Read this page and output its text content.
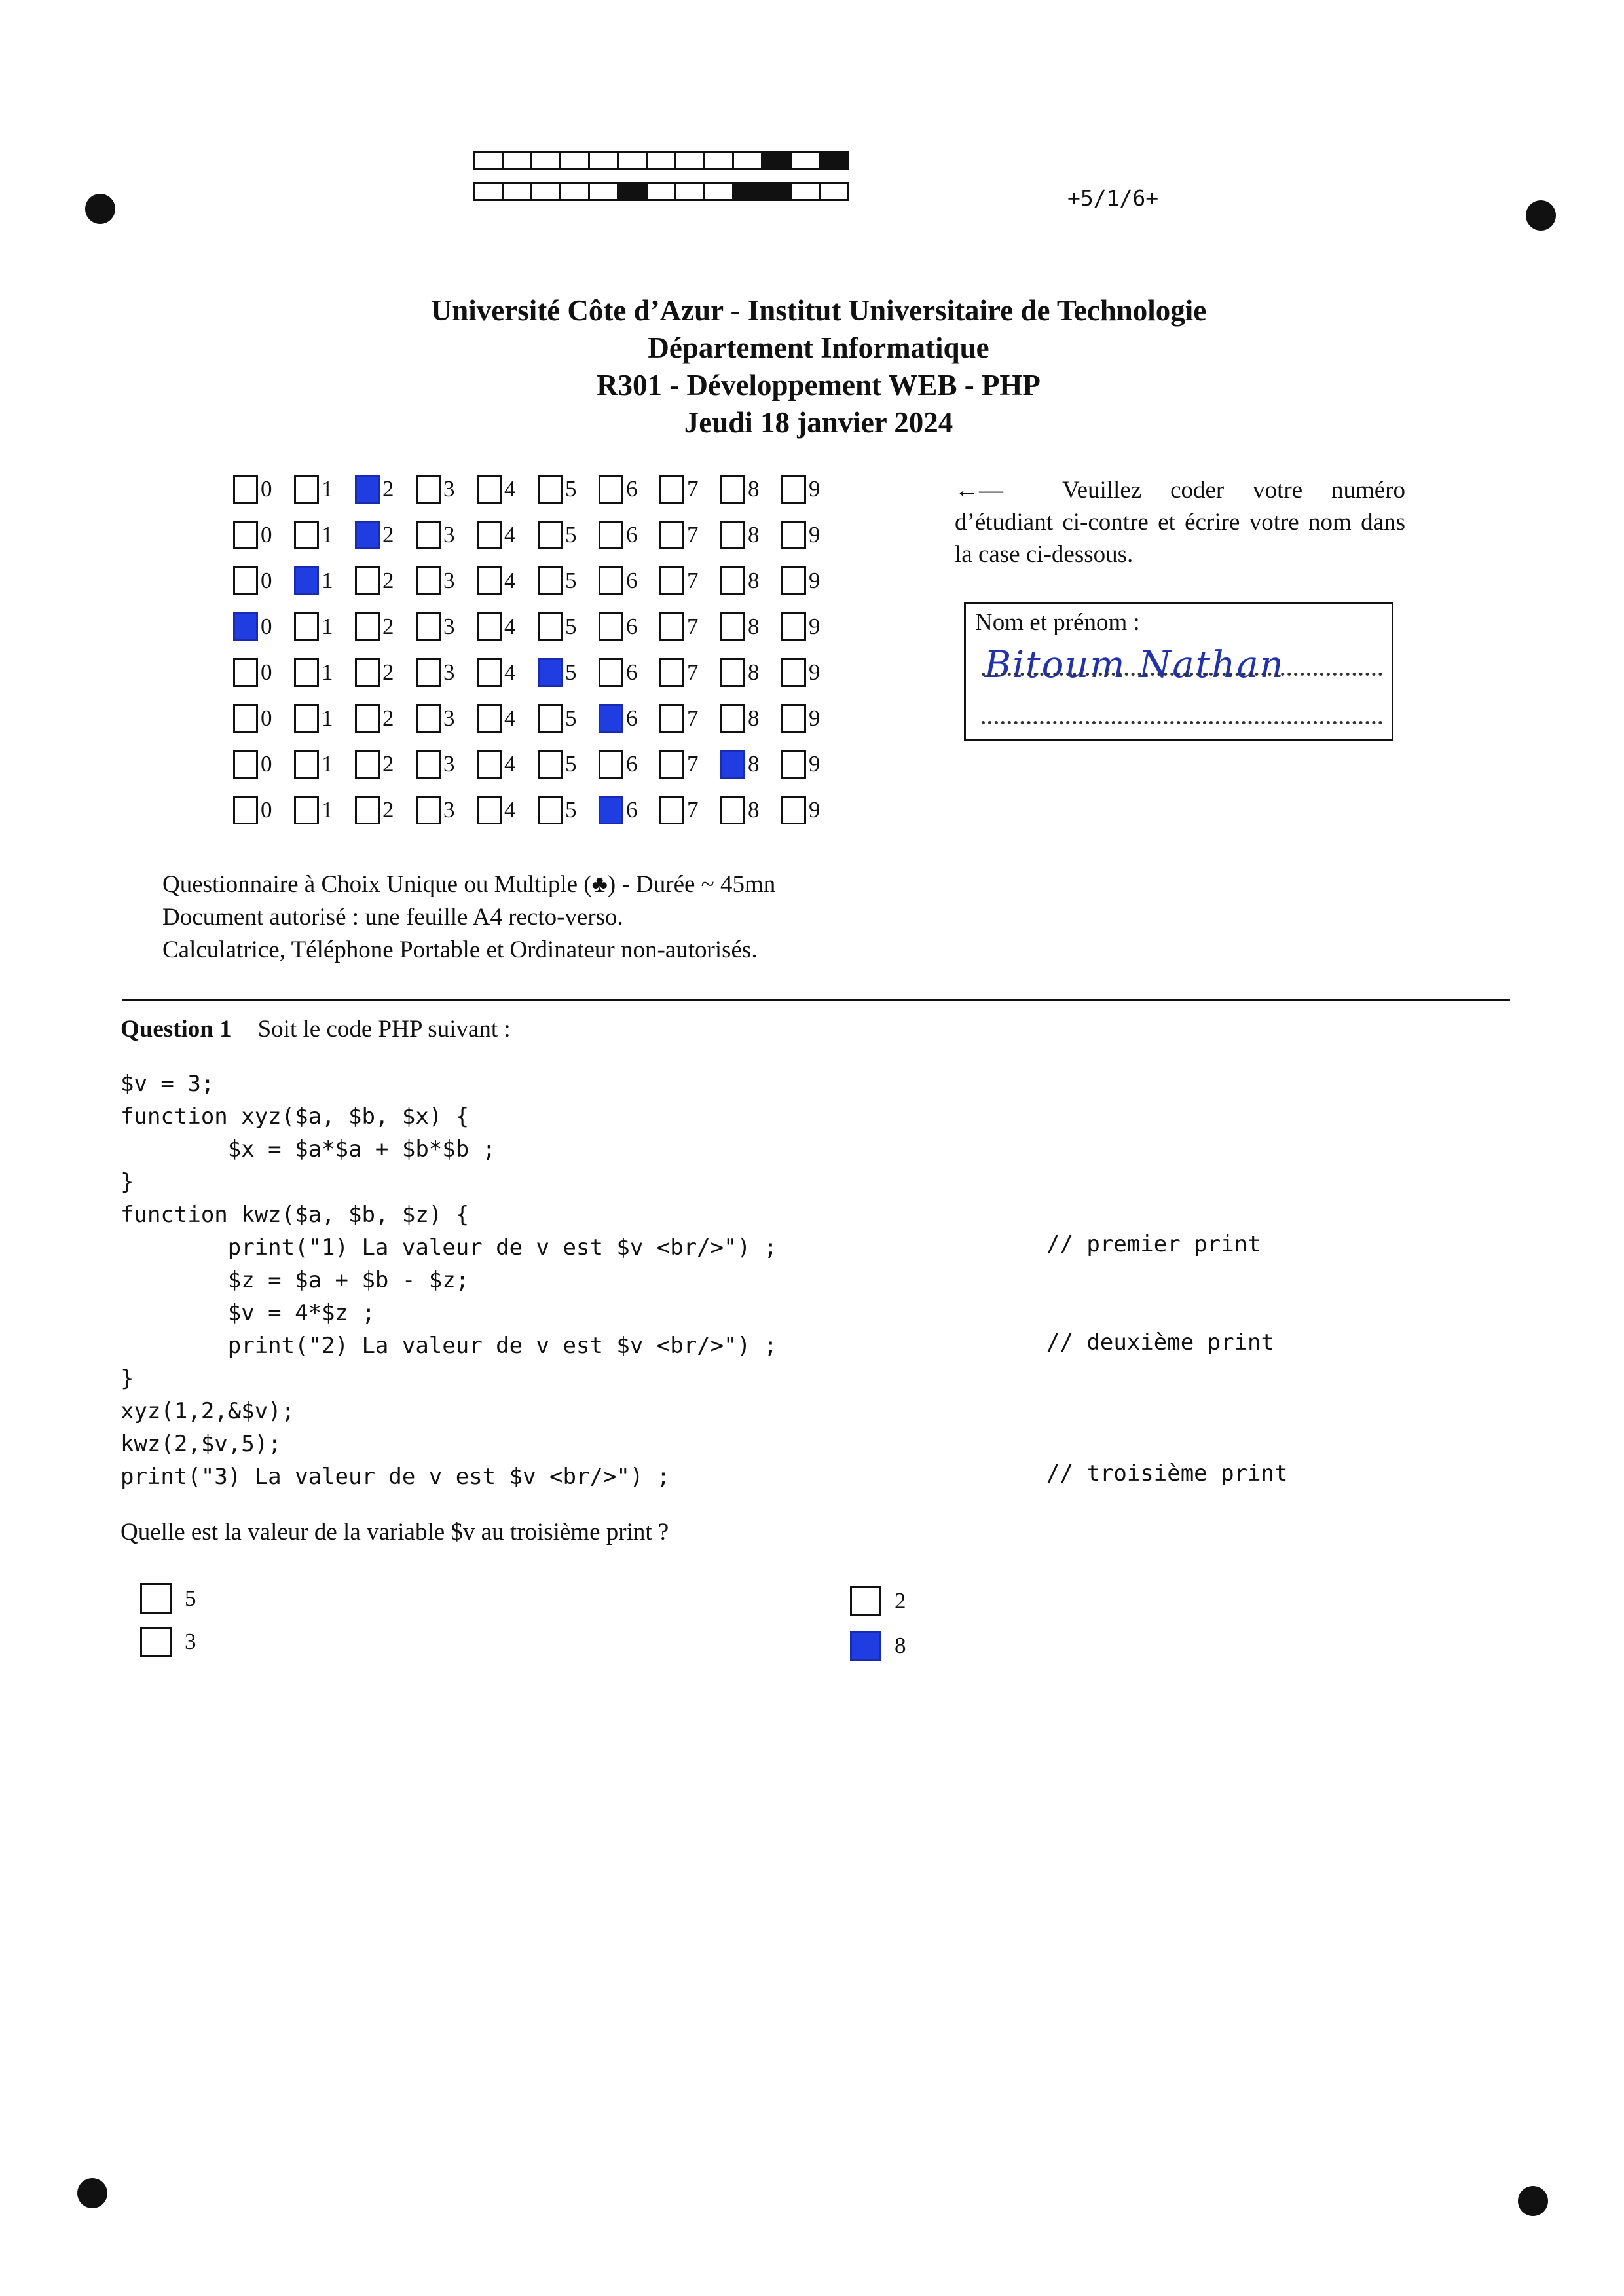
+5/1/6+
Université Côte d’Azur - Institut Universitaire de Technologie
Département Informatique
R301 - Développement WEB - PHP
Jeudi 18 janvier 2024
0 1 2 3 4 5 6 7 8 9
0 1 2 3 4 5 6 7 8 9
0 1 2 3 4 5 6 7 8 9
0 1 2 3 4 5 6 7 8 9
0 1 2 3 4 5 6 7 8 9
0 1 2 3 4 5 6 7 8 9
0 1 2 3 4 5 6 7 8 9
0 1 2 3 4 5 6 7 8 9
←— Veuillez coder votre numéro d’étudiant ci-contre et écrire votre nom dans la case ci-dessous.
Nom et prénom :
Bitoum Nathan
Questionnaire à Choix Unique ou Multiple (♣) - Durée ~ 45mn
Document autorisé : une feuille A4 recto-verso.
Calculatrice, Téléphone Portable et Ordinateur non-autorisés.
Question 1 Soit le code PHP suivant :
$v = 3;
function xyz($a, $b, $x) {
$x = $a*$a + $b*$b ;
}
function kwz($a, $b, $z) {
print("1) La valeur de v est $v <br/>") ;
$z = $a + $b - $z;
$v = 4*$z ;
print("2) La valeur de v est $v <br/>") ;
}
xyz(1,2,&$v);
kwz(2,$v,5);
print("3) La valeur de v est $v <br/>") ;
// premier print
// deuxième print
// troisième print
Quelle est la valeur de la variable $v au troisième print ?
5
3
2
8
